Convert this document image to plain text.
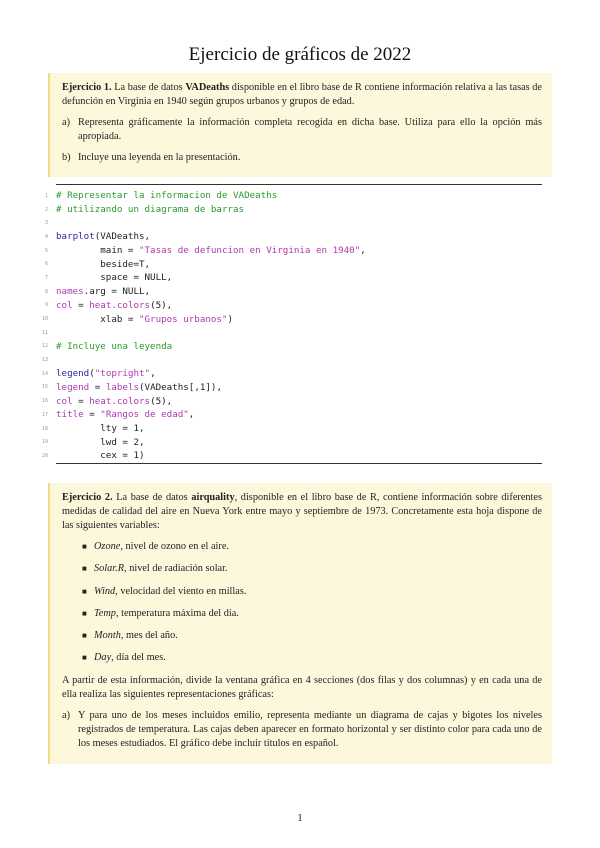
Ejercicio de gráficos de 2022

Ejercicio 1. La base de datos VADeaths disponible en el libro base de R contiene información relativa a las tasas de defunción en Virginia en 1940 según grupos urbanos y grupos de edad.

a) Representa gráficamente la información completa recogida en dicha base. Utiliza para ello la opción más apropiada.
b) Incluye una leyenda en la presentación.
1 # Representar la informacion de VADeaths
2 # utilizando un diagrama de barras
3
4 barplot (VADeaths,
5 main = "Tasas de defuncion en Virginia en 1940" ,
6 beside=T,
7 space = NULL,
8 names .arg = NULL,
9 col = heat.colors (5),
10 xlab = "Grupos urbanos" )
11
12 # Incluye una leyenda
13
14 legend ( "topright" ,
15 legend = labels (VADeaths[,1]),
16 col = heat.colors (5),
17 title = "Rangos de edad" ,
18 lty = 1,
19 lwd = 2,
20 cex = 1)

Ejercicio 2. La base de datos airquality, disponible en el libro base de R, contiene información sobre diferentes medidas de calidad del aire en Nueva York entre mayo y septiembre de 1973. Concretamente esta hoja dispone de las siguientes variables:

■ Ozone, nivel de ozono en el aire.
■ Solar.R, nivel de radiación solar.
■ Wind, velocidad del viento en millas.
■ Temp, temperatura máxima del día.
■ Month, mes del año.
■ Day, día del mes.

A partir de esta información, divide la ventana gráfica en 4 secciones (dos filas y dos columnas) y en cada una de ella realiza las siguientes representaciones gráficas:

a) Y para uno de los meses incluidos emilio, representa mediante un diagrama de cajas y bigotes los niveles registrados de temperatura. Las cajas deben aparecer en formato horizontal y ser distinto color para cada uno de los meses estudiados. El gráfico debe incluir títulos en español.
1
